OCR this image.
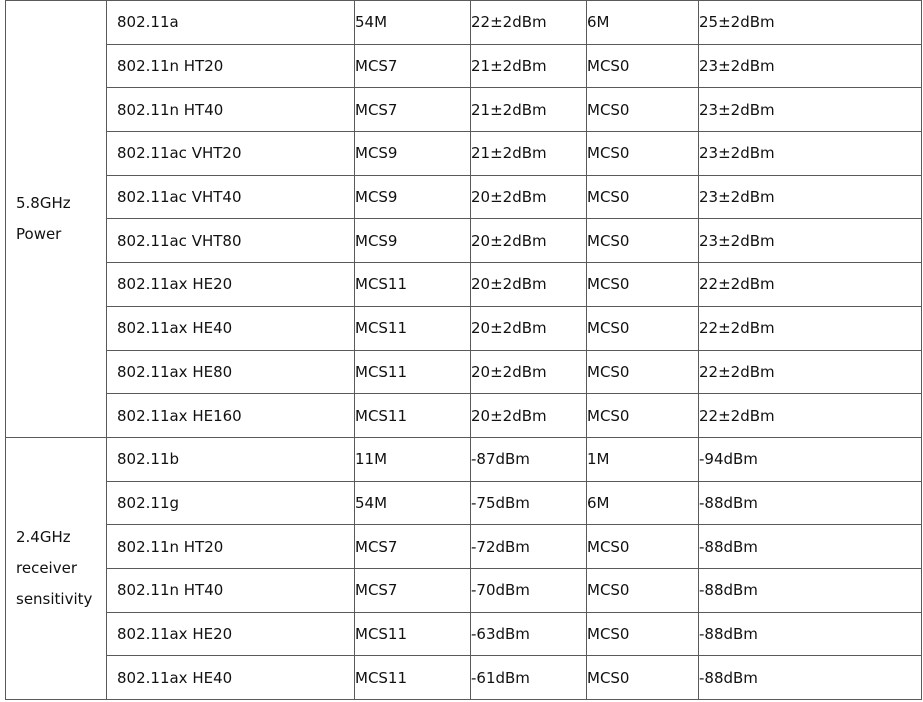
5.8GHz
Power	802.11a	54M	22±2dBm	6M	25±2dBm
	802.11n HT20	MCS7	21±2dBm	MCS0	23±2dBm
	802.11n HT40	MCS7	21±2dBm	MCS0	23±2dBm
	802.11ac VHT20	MCS9	21±2dBm	MCS0	23±2dBm
	802.11ac VHT40	MCS9	20±2dBm	MCS0	23±2dBm
	802.11ac VHT80	MCS9	20±2dBm	MCS0	23±2dBm
	802.11ax HE20	MCS11	20±2dBm	MCS0	22±2dBm
	802.11ax HE40	MCS11	20±2dBm	MCS0	22±2dBm
	802.11ax HE80	MCS11	20±2dBm	MCS0	22±2dBm
	802.11ax HE160	MCS11	20±2dBm	MCS0	22±2dBm

2.4GHz
receiver
sensitivity	802.11b	11M	-87dBm	1M	-94dBm
	802.11g	54M	-75dBm	6M	-88dBm
	802.11n HT20	MCS7	-72dBm	MCS0	-88dBm
	802.11n HT40	MCS7	-70dBm	MCS0	-88dBm
	802.11ax HE20	MCS11	-63dBm	MCS0	-88dBm
	802.11ax HE40	MCS11	-61dBm	MCS0	-88dBm
